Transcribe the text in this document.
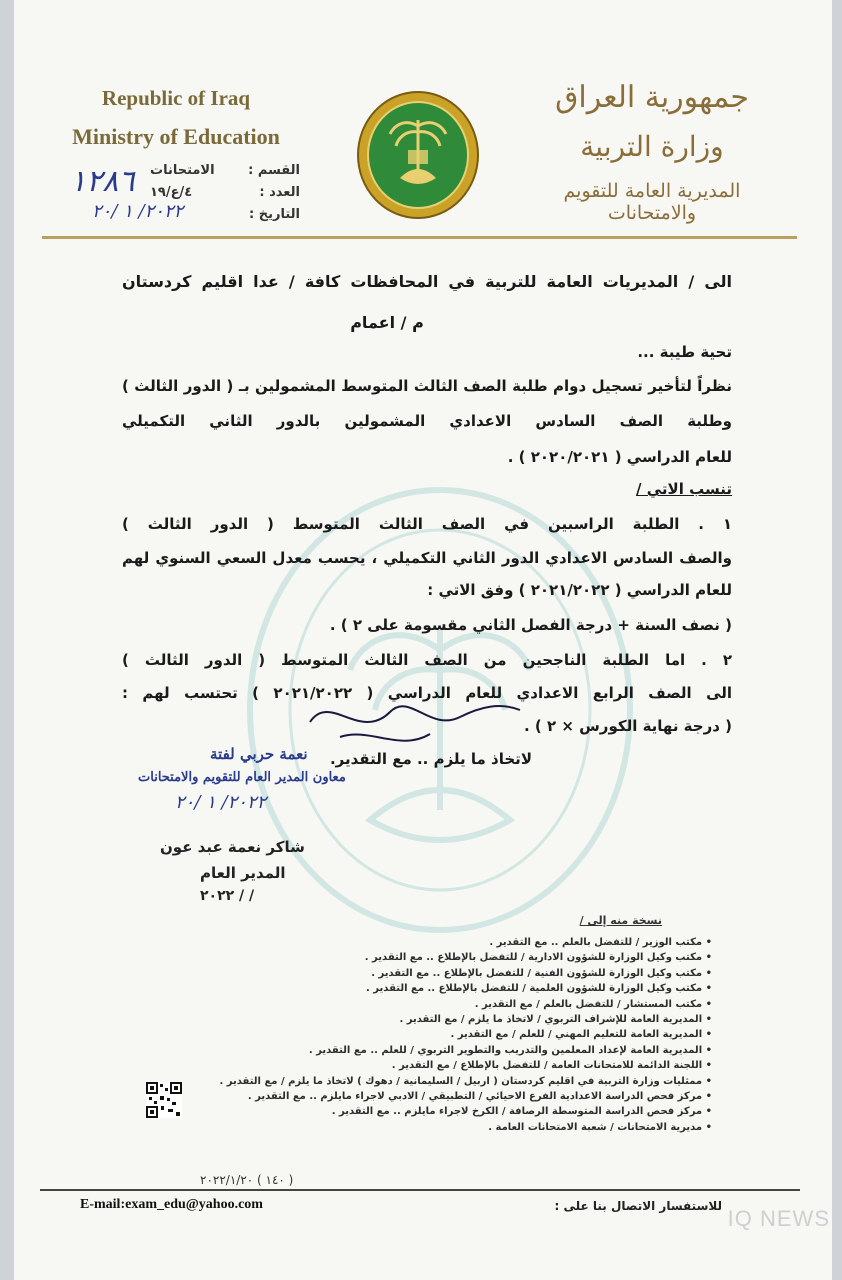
Republic of Iraq
Ministry of Education
جمهورية العراق
وزارة التربية
المديرية العامة للتقويم والامتحانات
القسم :
الامتحانات
العدد :
٤/ع/١٩
التاريخ :
١٢٨٦
٢٠٢٢/ ١ /٢٠
الى / المديريات العامة للتربية في المحافظات كافة / عدا اقليم كردستان
م / اعمام
تحية طيبة ...
نظراً لتأخير تسجيل دوام طلبة الصف الثالث المتوسط المشمولين بـ ( الدور الثالث )
وطلبة الصف السادس الاعدادي المشمولين بالدور الثاني التكميلي
للعام الدراسي ( ٢٠٢٠/٢٠٢١ ) .
تنسب الاتي /
١ . الطلبة الراسبين في الصف الثالث المتوسط ( الدور الثالث )
والصف السادس الاعدادي الدور الثاني التكميلي ، يحسب معدل السعي السنوي لهم
للعام الدراسي ( ٢٠٢١/٢٠٢٢ ) وفق الاتي :
( نصف السنة + درجة الفصل الثاني مقسومة على ٢ ) .
٢ . اما الطلبة الناجحين من الصف الثالث المتوسط ( الدور الثالث )
الى الصف الرابع الاعدادي للعام الدراسي ( ٢٠٢١/٢٠٢٢ ) تحتسب لهم :
( درجة نهاية الكورس × ٢ ) .
لاتخاذ ما يلزم .. مع التقدير.
نعمة حربي لفتة
معاون المدير العام للتقويم والامتحانات
٢٠٢٢/ ١ /٢٠
شاكر نعمة عبد عون
المدير العام
/ / ٢٠٢٢
نسخة منه إلى /
• مكتب الوزير / للتفضل بالعلم .. مع التقدير .
• مكتب وكيل الوزارة للشؤون الادارية / للتفضل بالإطلاع .. مع التقدير .
• مكتب وكيل الوزارة للشؤون الفنية / للتفضل بالإطلاع .. مع التقدير .
• مكتب وكيل الوزارة للشؤون العلمية / للتفضل بالإطلاع .. مع التقدير .
• مكتب المستشار / للتفضل بالعلم / مع التقدير .
• المديرية العامة للإشراف التربوي / لاتخاذ ما يلزم / مع التقدير .
• المديرية العامة للتعليم المهني / للعلم / مع التقدير .
• المديرية العامة لإعداد المعلمين والتدريب والتطوير التربوي / للعلم .. مع التقدير .
• اللجنة الدائمة للامتحانات العامة / للتفضل بالإطلاع / مع التقدير .
• ممثليات وزارة التربية في اقليم كردستان ( اربيل / السليمانية / دهوك ) لاتخاذ ما يلزم / مع التقدير .
• مركز فحص الدراسة الاعدادية الفرع الاحيائي / التطبيقي / الادبي لاجراء مايلزم .. مع التقدير .
• مركز فحص الدراسة المتوسطة الرصافة / الكرخ لاجراء مايلزم .. مع التقدير .
• مديرية الامتحانات / شعبة الامتحانات العامة .
( ١٤٠ ) ٢٠٢٢/١/٢٠
E-mail:exam_edu@yahoo.com	للاستفسار الاتصال بنا على : IQ NEWS
